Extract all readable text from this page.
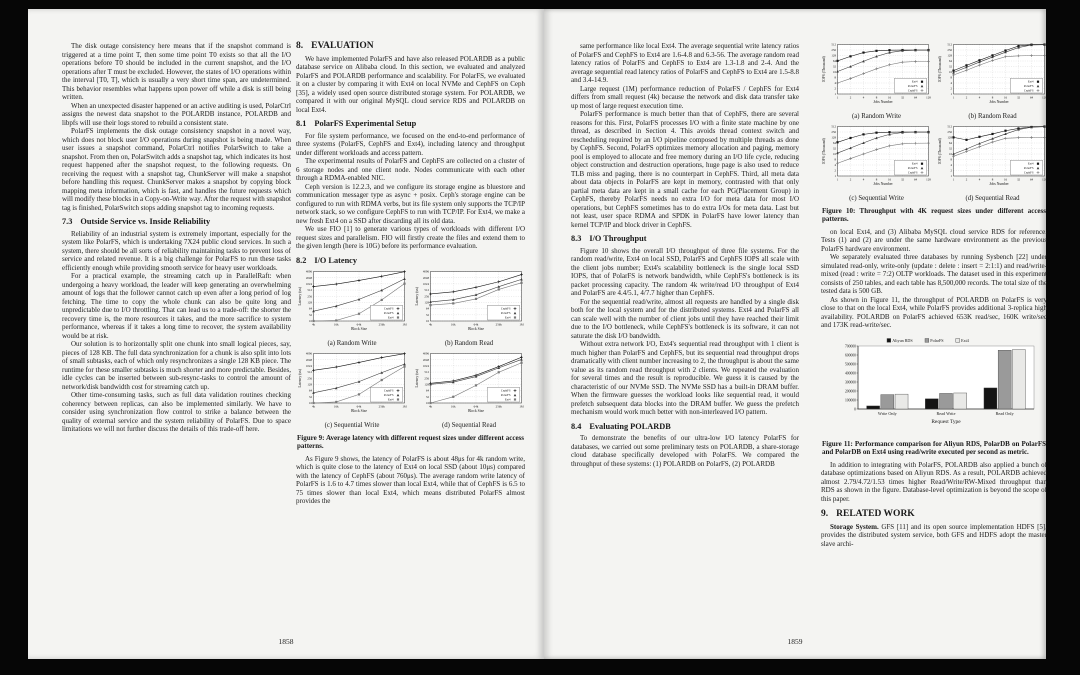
The disk outage consistency here means that if the snapshot command is triggered at a time point T, then some time point T0 exists so that all the I/O operations before T0 should be included in the current snapshot, and the I/O operations after T must be excluded. However, the states of I/O operations within the interval [T0, T], which is usually a very short time span, are undetermined. This behavior resembles what happens upon power off while a disk is still being written.

When an unexpected disaster happened or an active auditing is used, PolarCtrl assigns the newest data snapshot to the POLARDB instance, POLARDB and libpfs will use their logs stored to rebuild a consistent state.

PolarFS implements the disk outage consistency snapshot in a novel way, which does not block user I/O operations during snapshot is being made. When user issues a snapshot command, PolarCtrl notifies PolarSwitch to take a snapshot. From then on, PolarSwitch adds a snapshot tag, which indicates its host request happened after the snapshot request, to the following requests. On receiving the request with a snapshot tag, ChunkServer will make a snapshot before handling this request. ChunkServer makes a snapshot by copying block mapping meta information, which is fast, and handles the future requests which will modify these blocks in a Copy-on-Write way. After the request with snapshot tag is finished, PolarSwitch stops adding snapshot tag to incoming requests.

7.3 Outside Service vs. Inside Reliability

Reliability of an industrial system is extremely important, especially for the system like PolarFS, which is undertaking 7X24 public cloud services. In such a system, there should be all sorts of reliability maintaining tasks to prevent loss of service and related revenue. It is a big challenge for PolarFS to run these tasks efficiently enough while providing smooth service for heavy user workloads.

For a practical example, the streaming catch up in ParallelRaft: when undergoing a heavy workload, the leader will keep generating an overwhelming amount of logs that the follower cannot catch up even after a long period of log fetching. The time to copy the whole chunk can also be quite long and unpredictable due to I/O throttling. That can lead us to a trade-off: the shorter the recovery time is, the more resources it takes, and the more sacrifice to system performance, whereas if it takes a long time to recover, the system availability would be at risk.

Our solution is to horizontally split one chunk into small logical pieces, say, pieces of 128 KB. The full data synchronization for a chunk is also split into lots of small subtasks, each of which only resynchronizes a single 128 KB piece. The runtime for these smaller subtasks is much shorter and more predictable. Besides, idle cycles can be inserted between sub-resync-tasks to control the amount of network/disk bandwidth cost for streaming catch up.

Other time-consuming tasks, such as full data validation routines checking coherency between replicas, can also be implemented similarly. We have to consider using synchronization flow control to strike a balance between the quality of external service and the system reliability of PolarFS. Due to space limitations we will not further discuss the details of this trade-off here.

8. EVALUATION

We have implemented PolarFS and have also released POLARDB as a public database service on Alibaba cloud. In this section, we evaluated and analyzed PolarFS and POLARDB performance and scalability. For PolarFS, we evaluated it on a cluster by comparing it with Ext4 on local NVMe and CephFS on Ceph [35], a widely used open source distributed storage system. For POLARDB, we compared it with our original MySQL cloud service RDS and POLARDB on local Ext4.

8.1 PolarFS Experimental Setup

For file system performance, we focused on the end-to-end performance of three systems (PolarFS, CephFS and Ext4), including latency and throughput under different workloads and access pattern.

The experimental results of PolarFS and CephFS are collected on a cluster of 6 storage nodes and one client node. Nodes communicate with each other through a RDMA-enabled NIC.

Ceph version is 12.2.3, and we configure its storage engine as bluestore and communication messager type as async + posix. Ceph's storage engine can be configured to run with RDMA verbs, but its file system only supports the TCP/IP network stack, so we configure CephFS to run with TCP/IP. For Ext4, we make a new fresh Ext4 on a SSD after discarding all its old data.

We use FIO [1] to generate various types of workloads with different I/O request sizes and parallelism. FIO will firstly create the files and extend them to the given length (here is 10G) before its performance evaluation.

8.2 I/O Latency
16
32
64
128
256
512
1024
2048
4096
4k	16k	64k	256k	1M
Block Size
Latency (us)
CephFS
PolarFS
Ext4
(a) Random Write
16
32
64
128
256
512
1024
2048
4096
4k	16k	64k	256k	1M
Block Size
Latency (us)
CephFS
PolarFS
Ext4
(b) Random Read
16
32
64
128
256
512
1024
2048
4096
4k	16k	64k	256k	1M
Block Size
Latency (us)
CephFS
PolarFS
Ext4
(c) Sequential Write
16
32
64
128
256
512
1024
2048
4096
4k	16k	64k	256k	1M
Block Size
Latency (us)
CephFS
PolarFS
Ext4
(d) Sequential Read
Figure 9: Average latency with different request sizes under different access patterns.

As Figure 9 shows, the latency of PolarFS is about 48μs for 4k random write, which is quite close to the latency of Ext4 on local SSD (about 10μs) compared with the latency of CephFS (about 760μs). The average random write latency of PolarFS is 1.6 to 4.7 times slower than local Ext4, while that of CephFS is 6.5 to 75 times slower than local Ext4, which means distributed PolarFS almost provides the

1858

same performance like local Ext4. The average sequential write latency ratios of PolarFS and CephFS to Ext4 are 1.6-4.8 and 6.3-56. The average random read latency ratios of PolarFS and CephFS to Ext4 are 1.3-1.8 and 2-4. And the average sequential read latency ratios of PolarFS and CephFS to Ext4 are 1.5-8.8 and 3.4-14.9.

Large request (1M) performance reduction of PolarFS / CephFS for Ext4 differs from small request (4k) because the network and disk data transfer take up most of large request execution time.

PolarFS performance is much better than that of CephFS, there are several reasons for this. First, PolarFS processes I/O with a finite state machine by one thread, as described in Section 4. This avoids thread context switch and rescheduling required by an I/O pipeline composed by multiple threads as done by CephFS. Second, PolarFS optimizes memory allocation and paging, memory pool is employed to allocate and free memory during an I/O life cycle, reducing object construction and destruction operations, huge page is also used to reduce TLB miss and paging, there is no counterpart in CephFS. Third, all meta data about data objects in PolarFS are kept in memory, contrasted with that only partial meta data are kept in a small cache for each PG(Placement Group) in CephFS, thereby PolarFS needs no extra I/O for meta data for most I/O operations, but CephFS sometimes has to do extra I/Os for meta data. Last but not least, user space RDMA and SPDK in PolarFS have lower latency than kernel TCP/IP and block driver in CephFS.

8.3 I/O Throughput

Figure 10 shows the overall I/O throughput of three file systems. For the random read/write, Ext4 on local SSD, PolarFS and CephFS IOPS all scale with the client jobs number; Ext4's scalability bottleneck is the single local SSD IOPS, that of PolarFS is network bandwidth, while CephFS's bottleneck is its packet processing capacity. The random 4k write/read I/O throughput of Ext4 and PolarFS are 4.4/5.1, 4/7.7 higher than CephFS.

For the sequential read/write, almost all requests are handled by a single disk both for the local system and for the distributed systems. Ext4 and PolarFS all can scale well with the number of client jobs until they have reached their limit due to the I/O bottleneck, while CephFS's bottleneck is its software, it can not saturate the disk I/O bandwidth.

Without extra network I/O, Ext4's sequential read throughput with 1 client is much higher than PolarFS and CephFS, but its sequential read throughput drops dramatically with client number increasing to 2, the throughput is about the same value as its random read throughput with 2 clients. We repeated the evaluation for several times and the result is reproducible. We guess it is caused by the characteristic of our NVMe SSD. The NVMe SSD has a built-in DRAM buffer. When the firmware guesses the workload looks like sequential read, it would prefetch subsequent data blocks into the DRAM buffer. We guess the prefetch mechanism would work much better with non-interleaved I/O pattern.

8.4 Evaluating POLARDB

To demonstrate the benefits of our ultra-low I/O latency PolarFS for databases, we carried out some preliminary tests on POLARDB, a share-storage cloud database specifically developed with PolarFS. We compared the throughput of these systems: (1) POLARDB on PolarFS, (2) POLARDB

1
2
4
8
16
32
64
128
256
512
1	2	4	8	16	32	64	128
Jobs Number
IOPS (Thousand)	Ext4
PolarFS
CephFS
(a) Random Write
1
2
4
8
16
32
64
128
256
512
1	2	4	8	16	32	64	128
Jobs Number
IOPS (Thousand)	Ext4
PolarFS
CephFS
(b) Random Read
1
2
4
8
16
32
64
128
256
512
1	2	4	8	16	32	64	128
Jobs Number
IOPS (Thousand)	Ext4
PolarFS
CephFS
(c) Sequential Write
1
2
4
8
16
32
64
128
256
512
1	2	4	8	16	32	64	128
Jobs Number
IOPS (Thousand)	Ext4
PolarFS
CephFS
(d) Sequential Read
Figure 10: Throughput with 4K request sizes under different access patterns.

on local Ext4, and (3) Alibaba MySQL cloud service RDS for reference. Tests (1) and (2) are under the same hardware environment as the previous PolarFS hardware environment.

We separately evaluated three databases by running Sysbench [22] under simulated read-only, write-only (update : delete : insert = 2:1:1) and read/write-mixed (read : write = 7:2) OLTP workloads. The dataset used in this experiment consists of 250 tables, and each table has 8,500,000 records. The total size of the tested data is 500 GB.

As shown in Figure 11, the throughput of POLARDB on PolarFS is very close to that on the local Ext4, while PolarFS provides additional 3-replica high availability. POLARDB on PolarFS achieved 653K read/sec, 160K write/sec and 173K read-write/sec.

0
100000
200000
300000
400000
500000
600000
700000
Write Only	Read Write	Read Only
Request Type
Aliyun RDS	PolarFS	Ext4
Figure 11: Performance comparison for Aliyun RDS, PolarDB on PolarFS and PolarDB on Ext4 using read/write executed per second as metric.

In addition to integrating with PolarFS, POLARDB also applied a bunch of database optimizations based on Aliyun RDS. As a result, POLARDB achieved almost 2.79/4.72/1.53 times higher Read/Write/RW-Mixed throughput than RDS as shown in the figure. Database-level optimization is beyond the scope of this paper.

9. RELATED WORK

Storage System. GFS [11] and its open source implementation HDFS [5], provides the distributed system service, both GFS and HDFS adopt the master slave archi-

1859
